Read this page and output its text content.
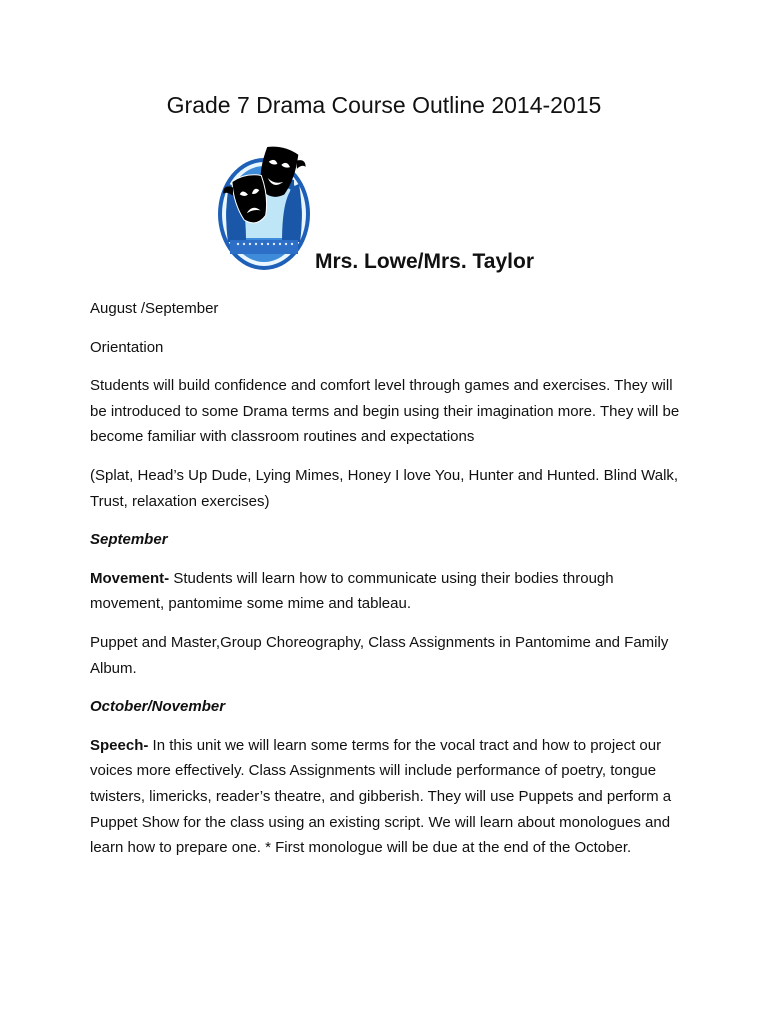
Grade 7 Drama Course Outline 2014-2015
Mrs. Lowe/Mrs. Taylor

August /September

Orientation

Students will build confidence and comfort level through games and exercises. They will be introduced to some Drama terms and begin using their imagination more. They will be become familiar with classroom routines and expectations

(Splat, Head’s Up Dude, Lying Mimes, Honey I love You, Hunter and Hunted. Blind Walk, Trust, relaxation exercises)

September

Movement- Students will learn how to communicate using their bodies through movement, pantomime some mime and tableau.

Puppet and Master,Group Choreography, Class Assignments in Pantomime and Family Album.

October/November

Speech- In this unit we will learn some terms for the vocal tract and how to project our voices more effectively. Class Assignments will include performance of poetry, tongue twisters, limericks, reader’s theatre, and gibberish. They will use Puppets and perform a Puppet Show for the class using an existing script. We will learn about monologues and learn how to prepare one. * First monologue will be due at the end of the October.
